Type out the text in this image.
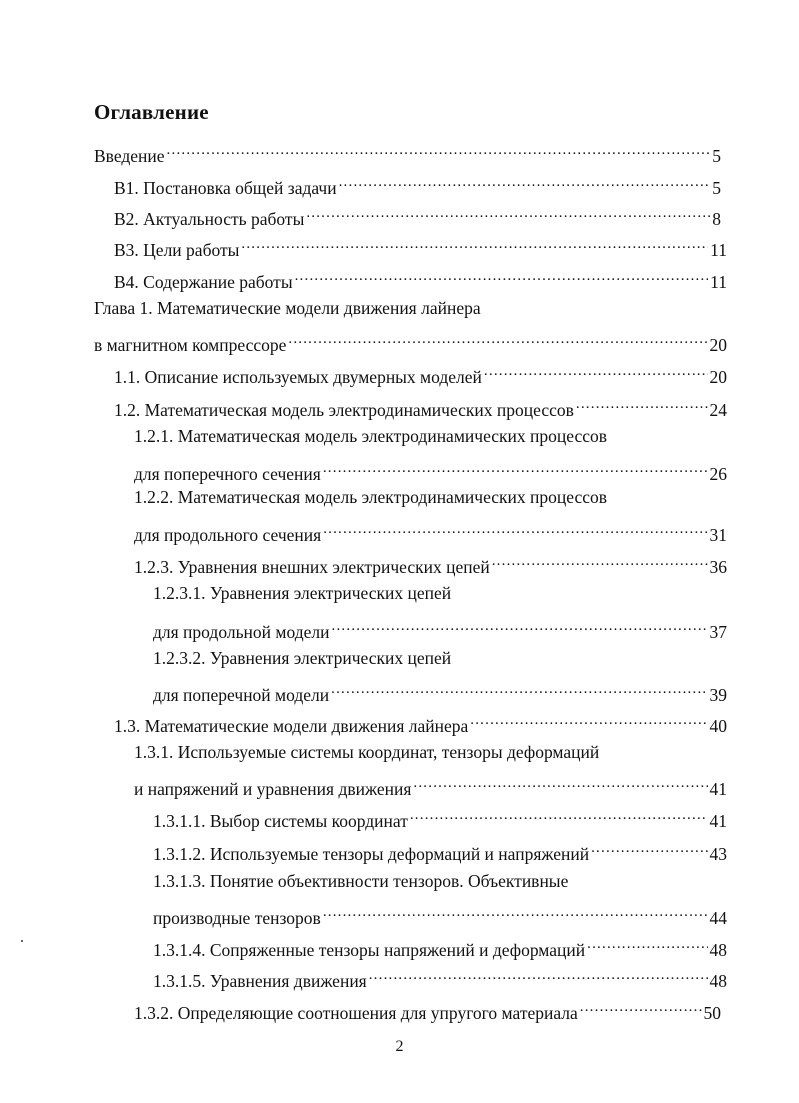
Оглавление
Введение .....	5
В1. Постановка общей задачи .....	5
В2. Актуальность работы .....	8
В3. Цели работы .....	11
В4. Содержание работы .....	11
Глава 1. Математические модели движения лайнера
в магнитном компрессоре .....	20
1.1. Описание используемых двумерных моделей .....	20
1.2. Математическая модель электродинамических процессов .....	24
1.2.1. Математическая модель электродинамических процессов
для поперечного сечения .....	26
1.2.2. Математическая модель электродинамических процессов
для продольного сечения .....	31
1.2.3. Уравнения внешних электрических цепей .....	36
1.2.3.1. Уравнения электрических цепей
для продольной модели .....	37
1.2.3.2. Уравнения электрических цепей
для поперечной модели .....	39
1.3. Математические модели движения лайнера .....	40
1.3.1. Используемые системы координат, тензоры деформаций
и напряжений и уравнения движения .....	41
1.3.1.1. Выбор системы координат .....	41
1.3.1.2. Используемые тензоры деформаций и напряжений .....	43
1.3.1.3. Понятие объективности тензоров. Объективные
производные тензоров .....	44
1.3.1.4. Сопряженные тензоры напряжений и деформаций .....	48
1.3.1.5. Уравнения движения .....	48
1.3.2. Определяющие соотношения для упругого материала .....	50
2
